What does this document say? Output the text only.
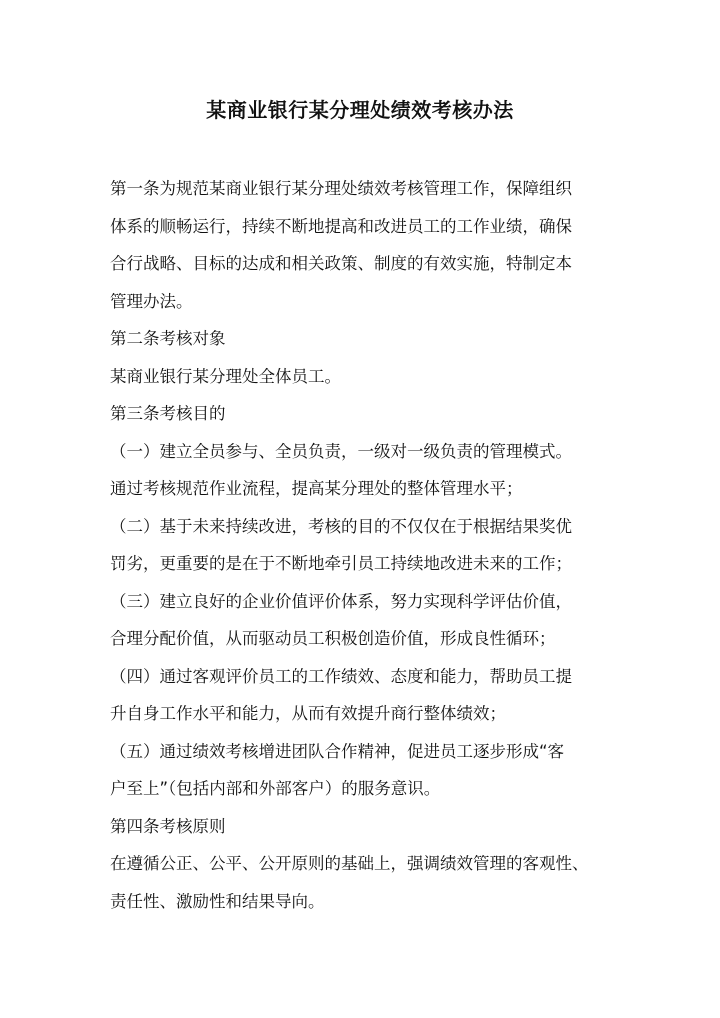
某商业银行某分理处绩效考核办法
第一条为规范某商业银行某分理处绩效考核管理工作，保障组织
体系的顺畅运行，持续不断地提高和改进员工的工作业绩，确保
合行战略、目标的达成和相关政策、制度的有效实施，特制定本
管理办法。
第二条考核对象
某商业银行某分理处全体员工。
第三条考核目的
（一）建立全员参与、全员负责，一级对一级负责的管理模式。
通过考核规范作业流程，提高某分理处的整体管理水平；
（二）基于未来持续改进，考核的目的不仅仅在于根据结果奖优
罚劣，更重要的是在于不断地牵引员工持续地改进未来的工作；
（三）建立良好的企业价值评价体系，努力实现科学评估价值，
合理分配价值，从而驱动员工积极创造价值，形成良性循环；
（四）通过客观评价员工的工作绩效、态度和能力，帮助员工提
升自身工作水平和能力，从而有效提升商行整体绩效；
（五）通过绩效考核增进团队合作精神，促进员工逐步形成“客
户至上”（包括内部和外部客户）的服务意识。
第四条考核原则
在遵循公正、公平、公开原则的基础上，强调绩效管理的客观性、
责任性、激励性和结果导向。
